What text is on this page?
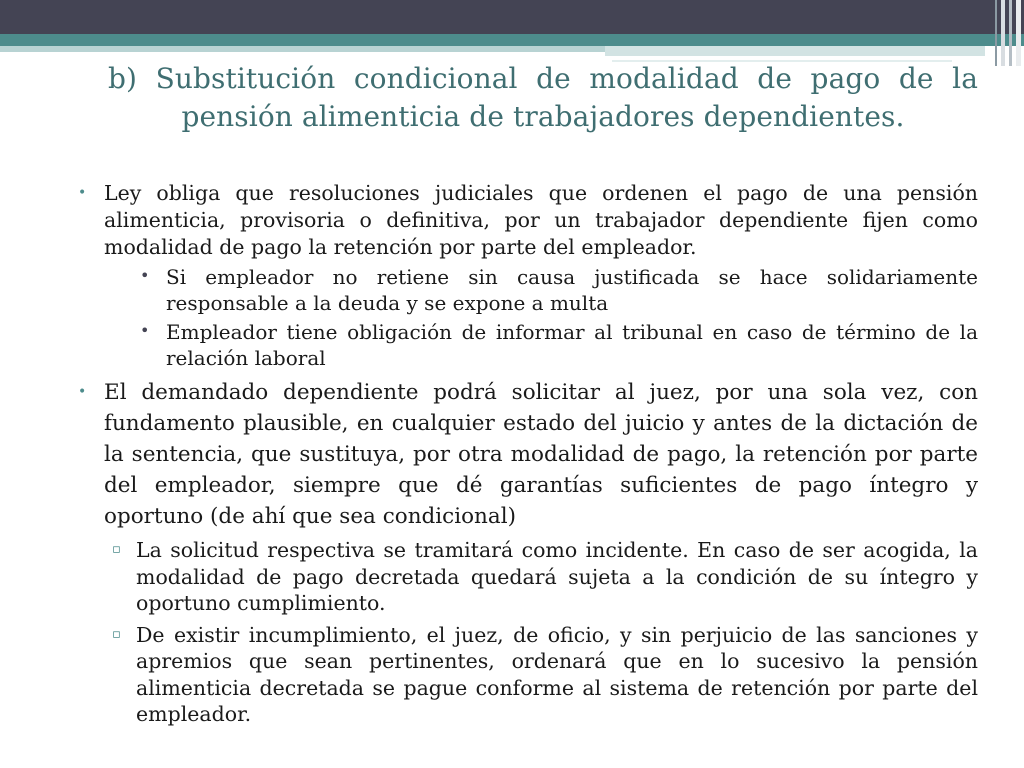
b) Substitución condicional de modalidad de pago de la pensión alimenticia de trabajadores dependientes.

• Ley obliga que resoluciones judiciales que ordenen el pago de una pensión alimenticia, provisoria o definitiva, por un trabajador dependiente fijen como modalidad de pago la retención por parte del empleador.

• Si empleador no retiene sin causa justificada se hace solidariamente responsable a la deuda y se expone a multa

• Empleador tiene obligación de informar al tribunal en caso de término de la relación laboral

• El demandado dependiente podrá solicitar al juez, por una sola vez, con fundamento plausible, en cualquier estado del juicio y antes de la dictación de la sentencia, que sustituya, por otra modalidad de pago, la retención por parte del empleador, siempre que dé garantías suficientes de pago íntegro y oportuno (de ahí que sea condicional)

▫ La solicitud respectiva se tramitará como incidente. En caso de ser acogida, la modalidad de pago decretada quedará sujeta a la condición de su íntegro y oportuno cumplimiento.

▫ De existir incumplimiento, el juez, de oficio, y sin perjuicio de las sanciones y apremios que sean pertinentes, ordenará que en lo sucesivo la pensión alimenticia decretada se pague conforme al sistema de retención por parte del empleador.
